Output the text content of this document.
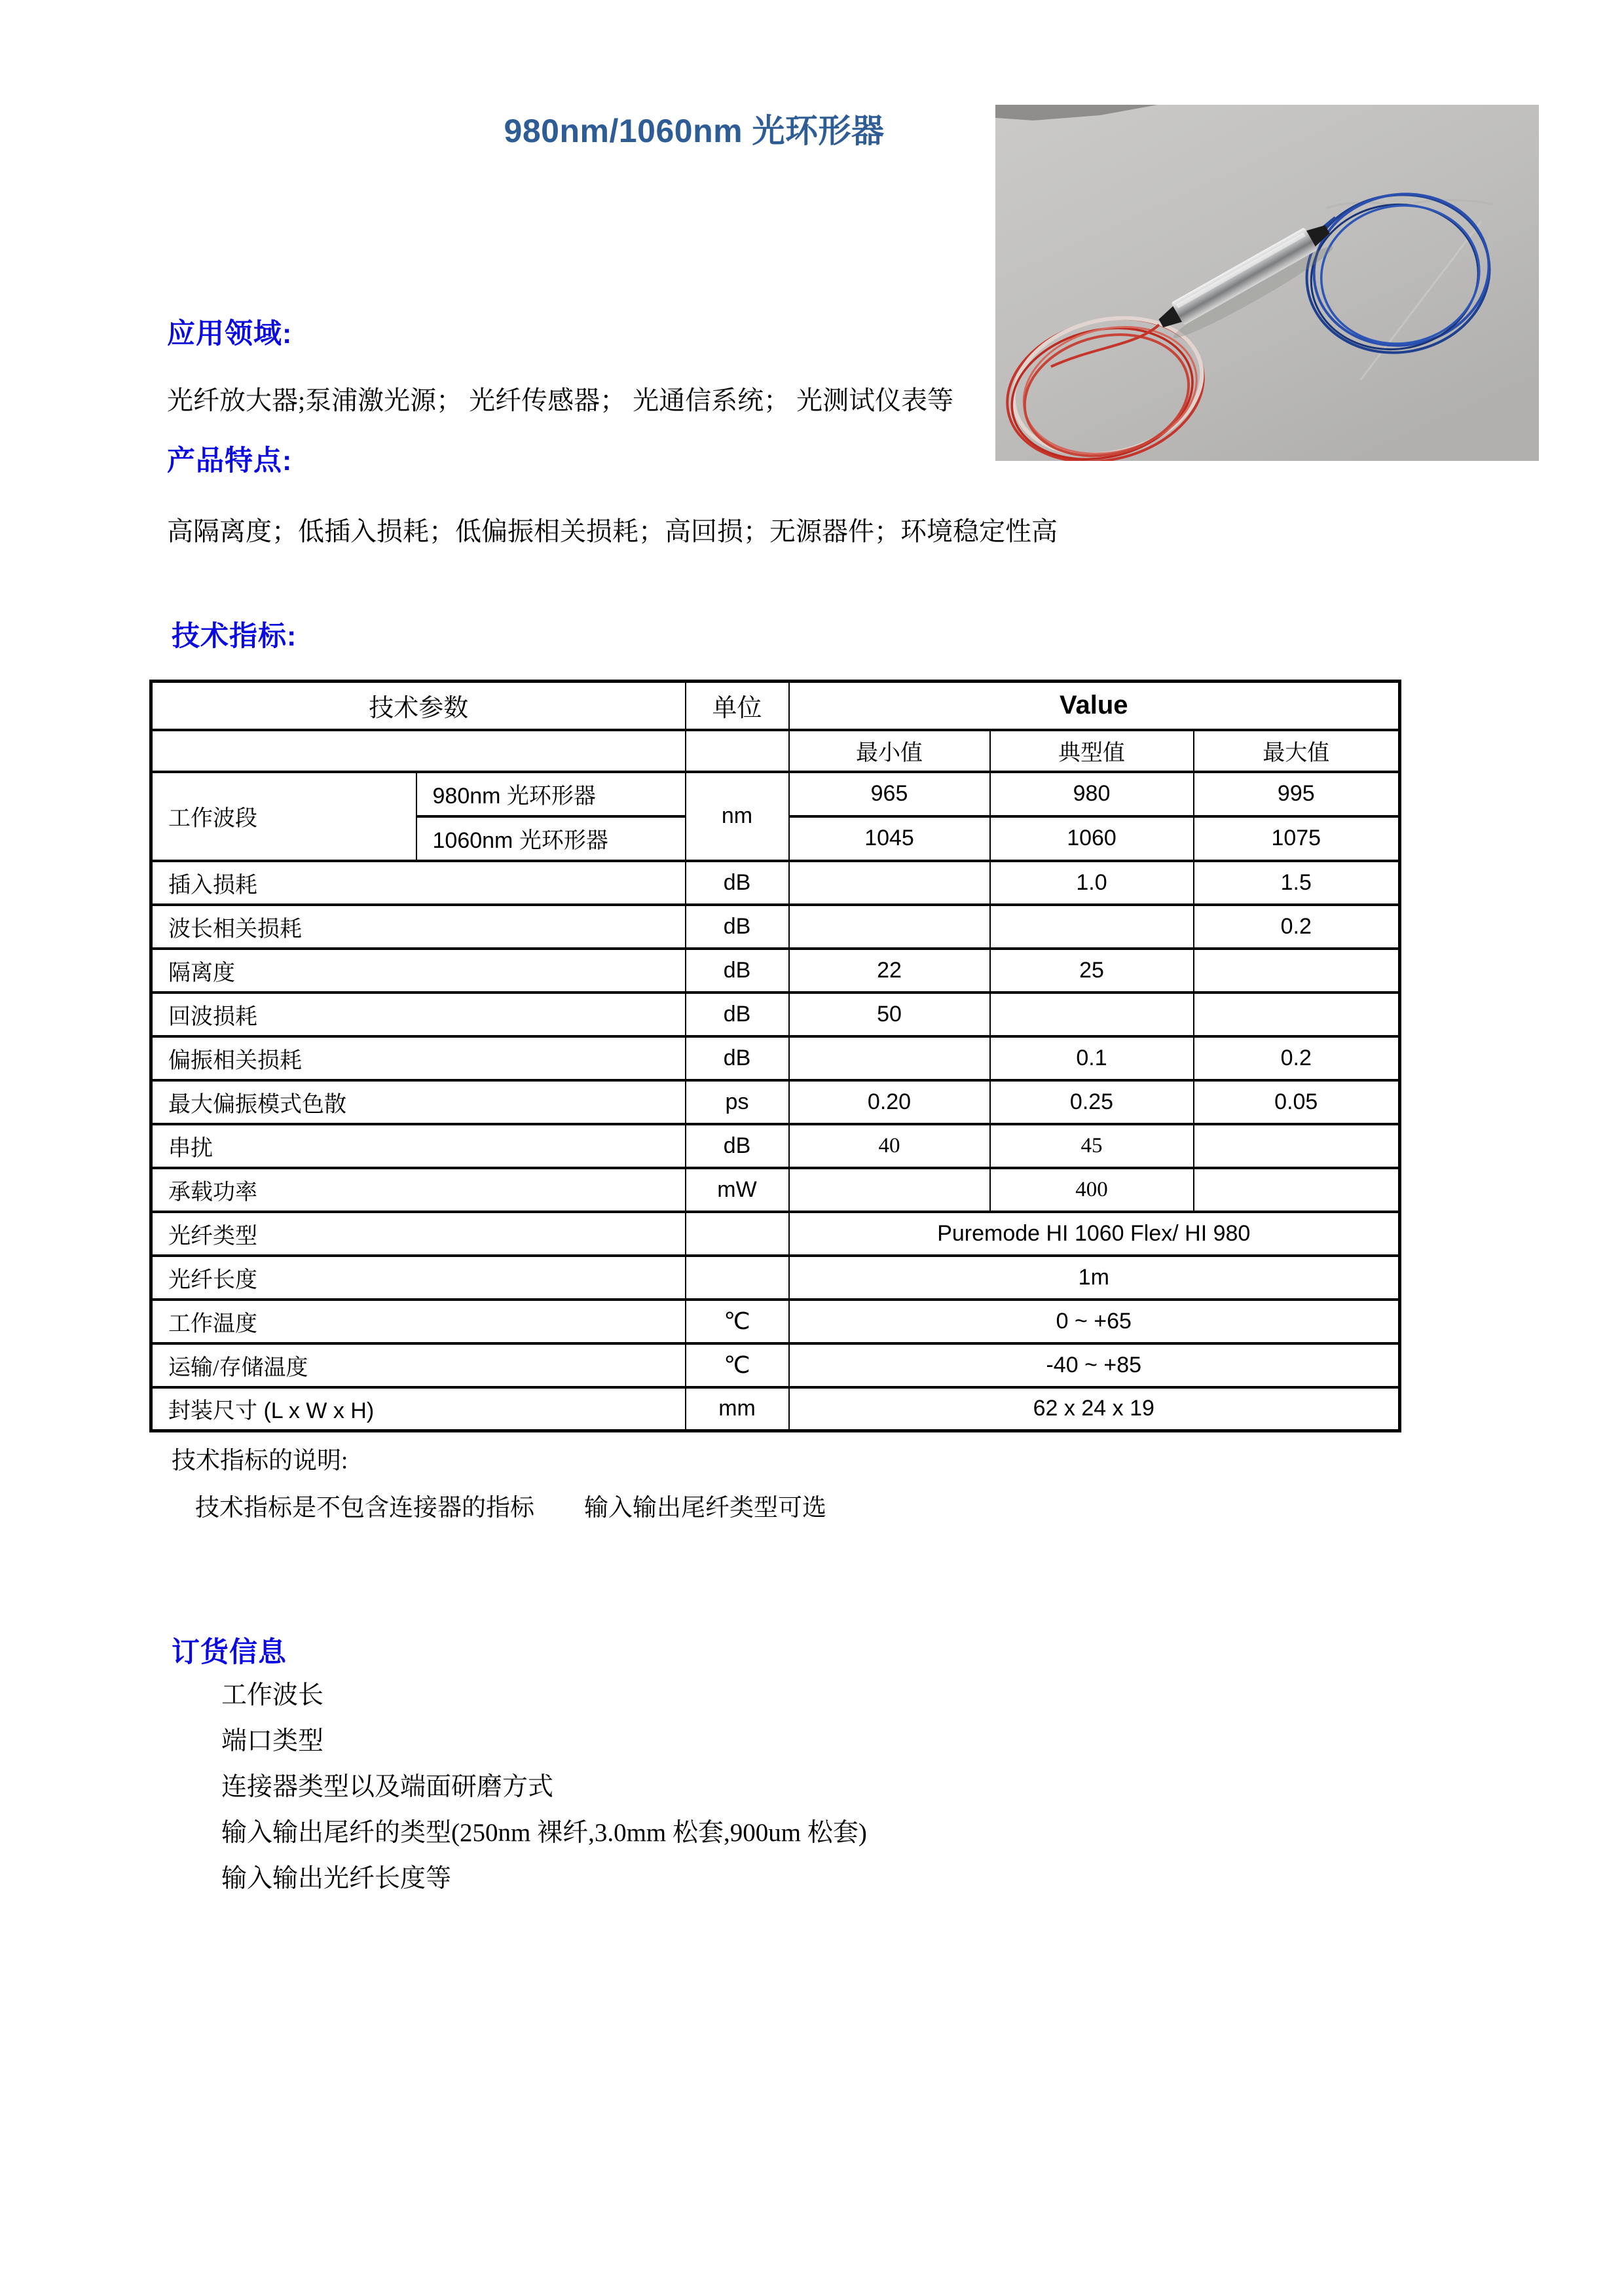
980nm/1060nm 光环形器
应用领域:
光纤放大器;泵浦激光源； 光纤传感器； 光通信系统； 光测试仪表等
产品特点:
高隔离度；低插入损耗；低偏振相关损耗；高回损；无源器件；环境稳定性高
技术指标:
技术参数		单位	Value		
			最小值	典型值	最大值
工作波段	980nm 光环形器	nm	965	980	995
	1060nm 光环形器		1045	1060	1075
插入损耗		dB		1.0	1.5
波长相关损耗		dB			0.2
隔离度		dB	22	25	
回波损耗		dB	50		
偏振相关损耗		dB		0.1	0.2
最大偏振模式色散		ps	0.20	0.25	0.05
串扰		dB	40	45	
承载功率		mW		400	
光纤类型			Puremode HI 1060 Flex/ HI 980		
光纤长度			1m		
工作温度		℃	0 ~ +65		
运输/存储温度		℃	-40 ~ +85		
封装尺寸 (L x W x H)		mm	62 x 24 x 19		
技术指标的说明:
技术指标是不包含连接器的指标 输入输出尾纤类型可选
订货信息
工作波长
端口类型
连接器类型以及端面研磨方式
输入输出尾纤的类型(250nm 裸纤,3.0mm 松套,900um 松套)
输入输出光纤长度等
